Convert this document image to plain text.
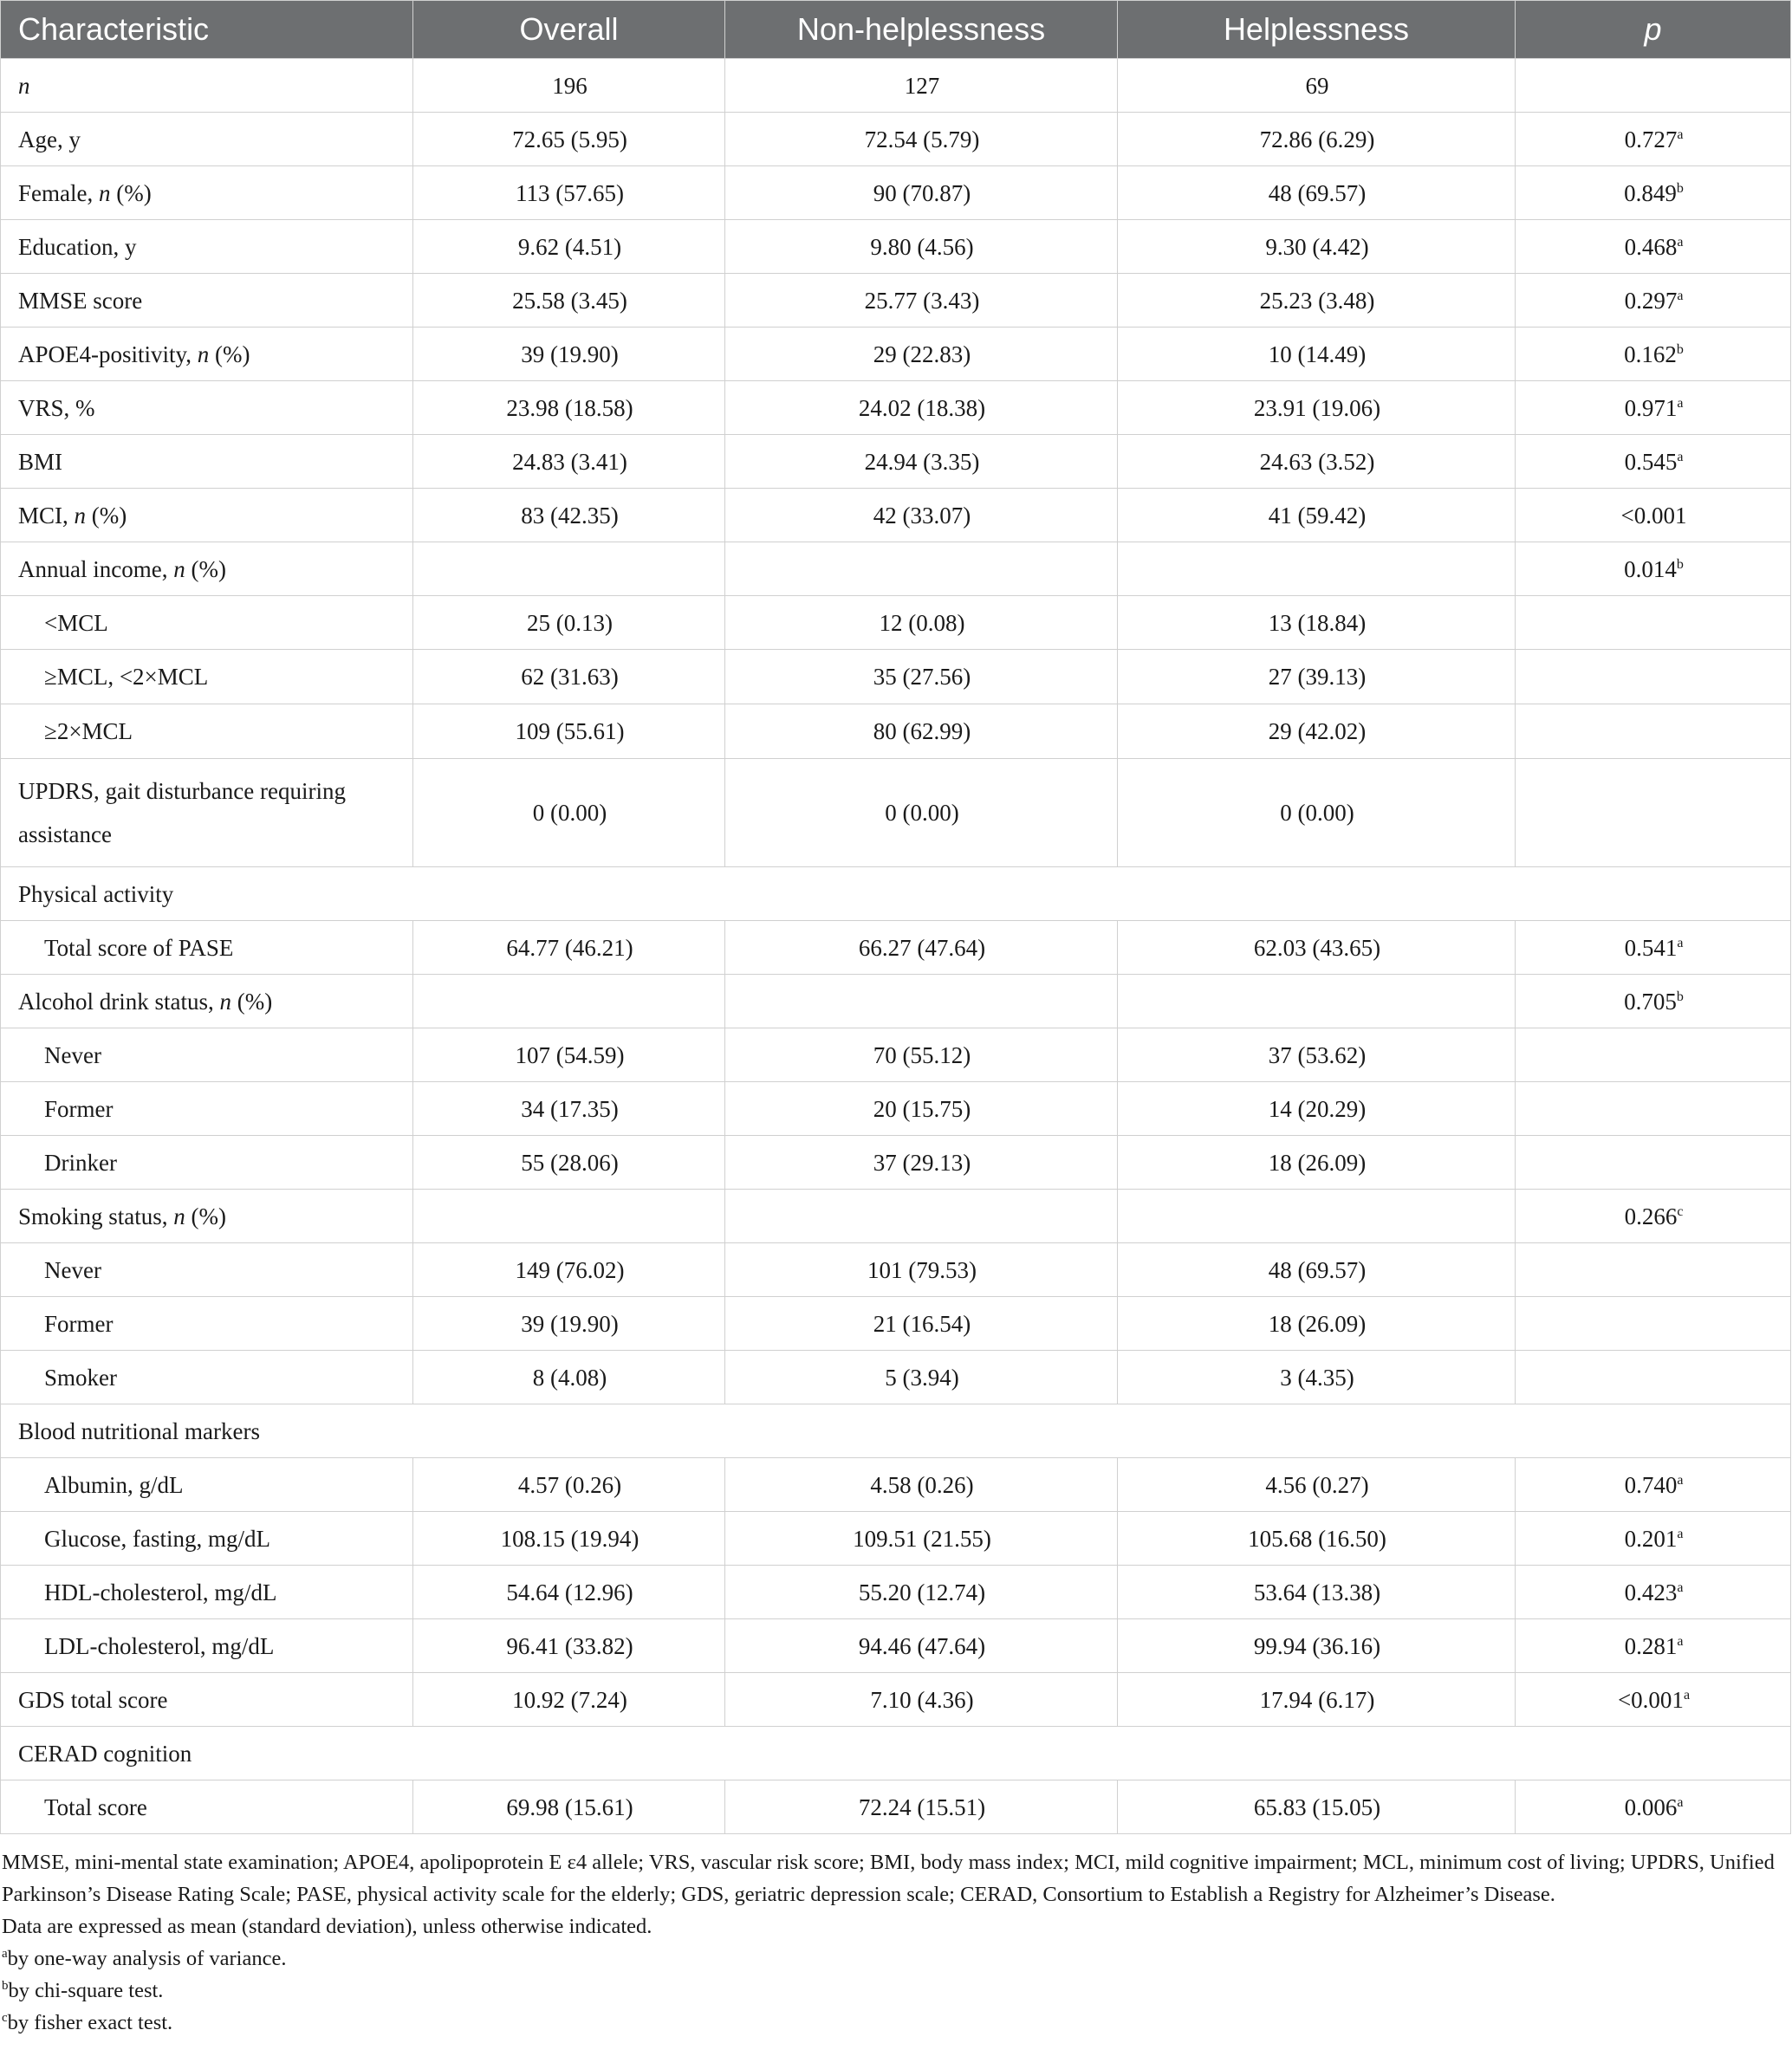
Characteristic	Overall	Non-helplessness	Helplessness	p
n	196	127	69	
Age, y	72.65 (5.95)	72.54 (5.79)	72.86 (6.29)	0.727$^a$
Female, n (%)	113 (57.65)	90 (70.87)	48 (69.57)	0.849$^b$
Education, y	9.62 (4.51)	9.80 (4.56)	9.30 (4.42)	0.468$^a$
MMSE score	25.58 (3.45)	25.77 (3.43)	25.23 (3.48)	0.297$^a$
APOE4-positivity, n (%)	39 (19.90)	29 (22.83)	10 (14.49)	0.162$^b$
VRS, %	23.98 (18.58)	24.02 (18.38)	23.91 (19.06)	0.971$^a$
BMI	24.83 (3.41)	24.94 (3.35)	24.63 (3.52)	0.545$^a$
MCI, n (%)	83 (42.35)	42 (33.07)	41 (59.42)	<0.001
Annual income, n (%)				0.014$^b$
<MCL	25 (0.13)	12 (0.08)	13 (18.84)	
≥MCL, <2×MCL	62 (31.63)	35 (27.56)	27 (39.13)	
≥2×MCL	109 (55.61)	80 (62.99)	29 (42.02)	
UPDRS, gait disturbance requiring assistance	0 (0.00)	0 (0.00)	0 (0.00)	
Physical activity				
Total score of PASE	64.77 (46.21)	66.27 (47.64)	62.03 (43.65)	0.541$^a$
Alcohol drink status, n (%)				0.705$^b$
Never	107 (54.59)	70 (55.12)	37 (53.62)	
Former	34 (17.35)	20 (15.75)	14 (20.29)	
Drinker	55 (28.06)	37 (29.13)	18 (26.09)	
Smoking status, n (%)				0.266$^c$
Never	149 (76.02)	101 (79.53)	48 (69.57)	
Former	39 (19.90)	21 (16.54)	18 (26.09)	
Smoker	8 (4.08)	5 (3.94)	3 (4.35)	
Blood nutritional markers				
Albumin, g/dL	4.57 (0.26)	4.58 (0.26)	4.56 (0.27)	0.740$^a$
Glucose, fasting, mg/dL	108.15 (19.94)	109.51 (21.55)	105.68 (16.50)	0.201$^a$
HDL-cholesterol, mg/dL	54.64 (12.96)	55.20 (12.74)	53.64 (13.38)	0.423$^a$
LDL-cholesterol, mg/dL	96.41 (33.82)	94.46 (47.64)	99.94 (36.16)	0.281$^a$
GDS total score	10.92 (7.24)	7.10 (4.36)	17.94 (6.17)	<0.001$^a$
CERAD cognition				
Total score	69.98 (15.61)	72.24 (15.51)	65.83 (15.05)	0.006$^a$

MMSE, mini-mental state examination; APOE4, apolipoprotein E ε4 allele; VRS, vascular risk score; BMI, body mass index; MCI, mild cognitive impairment; MCL, minimum cost of living; UPDRS, Unified Parkinson’s Disease Rating Scale; PASE, physical activity scale for the elderly; GDS, geriatric depression scale; CERAD, Consortium to Establish a Registry for Alzheimer’s Disease.

Data are expressed as mean (standard deviation), unless otherwise indicated.

$^a$by one-way analysis of variance.

$^b$by chi-square test.

$^c$by fisher exact test.
